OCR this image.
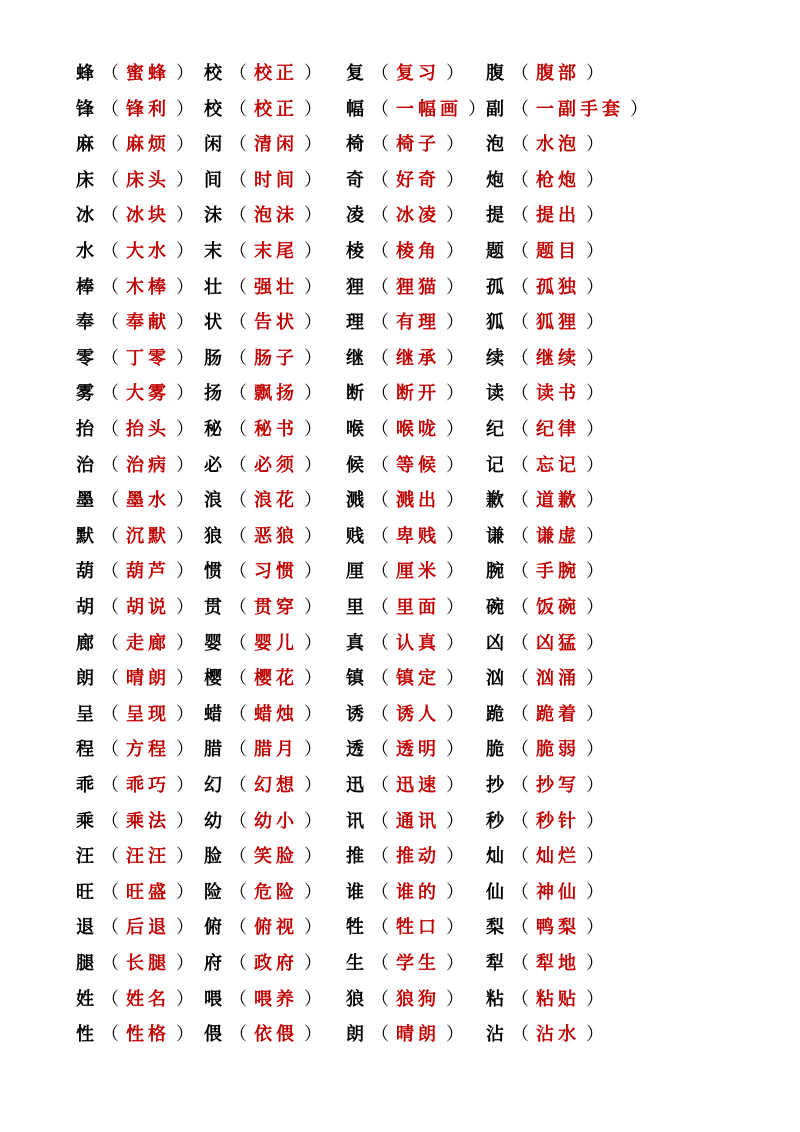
蜂 （ 蜜蜂 ） 校 （ 校正 ） 复 （ 复习 ） 腹 （ 腹部 ）
锋 （ 锋利 ） 校 （ 校正 ） 幅 （ 一幅画 ） 副 （ 一副手套 ）
麻 （ 麻烦 ） 闲 （ 清闲 ） 椅 （ 椅子 ） 泡 （ 水泡 ）
床 （ 床头 ） 间 （ 时间 ） 奇 （ 好奇 ） 炮 （ 枪炮 ）
冰 （ 冰块 ） 沫 （ 泡沫 ） 凌 （ 冰凌 ） 提 （ 提出 ）
水 （ 大水 ） 末 （ 末尾 ） 棱 （ 棱角 ） 题 （ 题目 ）
棒 （ 木棒 ） 壮 （ 强壮 ） 狸 （ 狸猫 ） 孤 （ 孤独 ）
奉 （ 奉献 ） 状 （ 告状 ） 理 （ 有理 ） 狐 （ 狐狸 ）
零 （ 丁零 ） 肠 （ 肠子 ） 继 （ 继承 ） 续 （ 继续 ）
雾 （ 大雾 ） 扬 （ 飘扬 ） 断 （ 断开 ） 读 （ 读书 ）
抬 （ 抬头 ） 秘 （ 秘书 ） 喉 （ 喉咙 ） 纪 （ 纪律 ）
治 （ 治病 ） 必 （ 必须 ） 候 （ 等候 ） 记 （ 忘记 ）
墨 （ 墨水 ） 浪 （ 浪花 ） 溅 （ 溅出 ） 歉 （ 道歉 ）
默 （ 沉默 ） 狼 （ 恶狼 ） 贱 （ 卑贱 ） 谦 （ 谦虚 ）
葫 （ 葫芦 ） 惯 （ 习惯 ） 厘 （ 厘米 ） 腕 （ 手腕 ）
胡 （ 胡说 ） 贯 （ 贯穿 ） 里 （ 里面 ） 碗 （ 饭碗 ）
廊 （ 走廊 ） 婴 （ 婴儿 ） 真 （ 认真 ） 凶 （ 凶猛 ）
朗 （ 晴朗 ） 樱 （ 樱花 ） 镇 （ 镇定 ） 汹 （ 汹涌 ）
呈 （ 呈现 ） 蜡 （ 蜡烛 ） 诱 （ 诱人 ） 跪 （ 跪着 ）
程 （ 方程 ） 腊 （ 腊月 ） 透 （ 透明 ） 脆 （ 脆弱 ）
乖 （ 乖巧 ） 幻 （ 幻想 ） 迅 （ 迅速 ） 抄 （ 抄写 ）
乘 （ 乘法 ） 幼 （ 幼小 ） 讯 （ 通讯 ） 秒 （ 秒针 ）
汪 （ 汪汪 ） 脸 （ 笑脸 ） 推 （ 推动 ） 灿 （ 灿烂 ）
旺 （ 旺盛 ） 险 （ 危险 ） 谁 （ 谁的 ） 仙 （ 神仙 ）
退 （ 后退 ） 俯 （ 俯视 ） 牲 （ 牲口 ） 梨 （ 鸭梨 ）
腿 （ 长腿 ） 府 （ 政府 ） 生 （ 学生 ） 犁 （ 犁地 ）
姓 （ 姓名 ） 喂 （ 喂养 ） 狼 （ 狼狗 ） 粘 （ 粘贴 ）
性 （ 性格 ） 偎 （ 依偎 ） 朗 （ 晴朗 ） 沾 （ 沾水 ）
